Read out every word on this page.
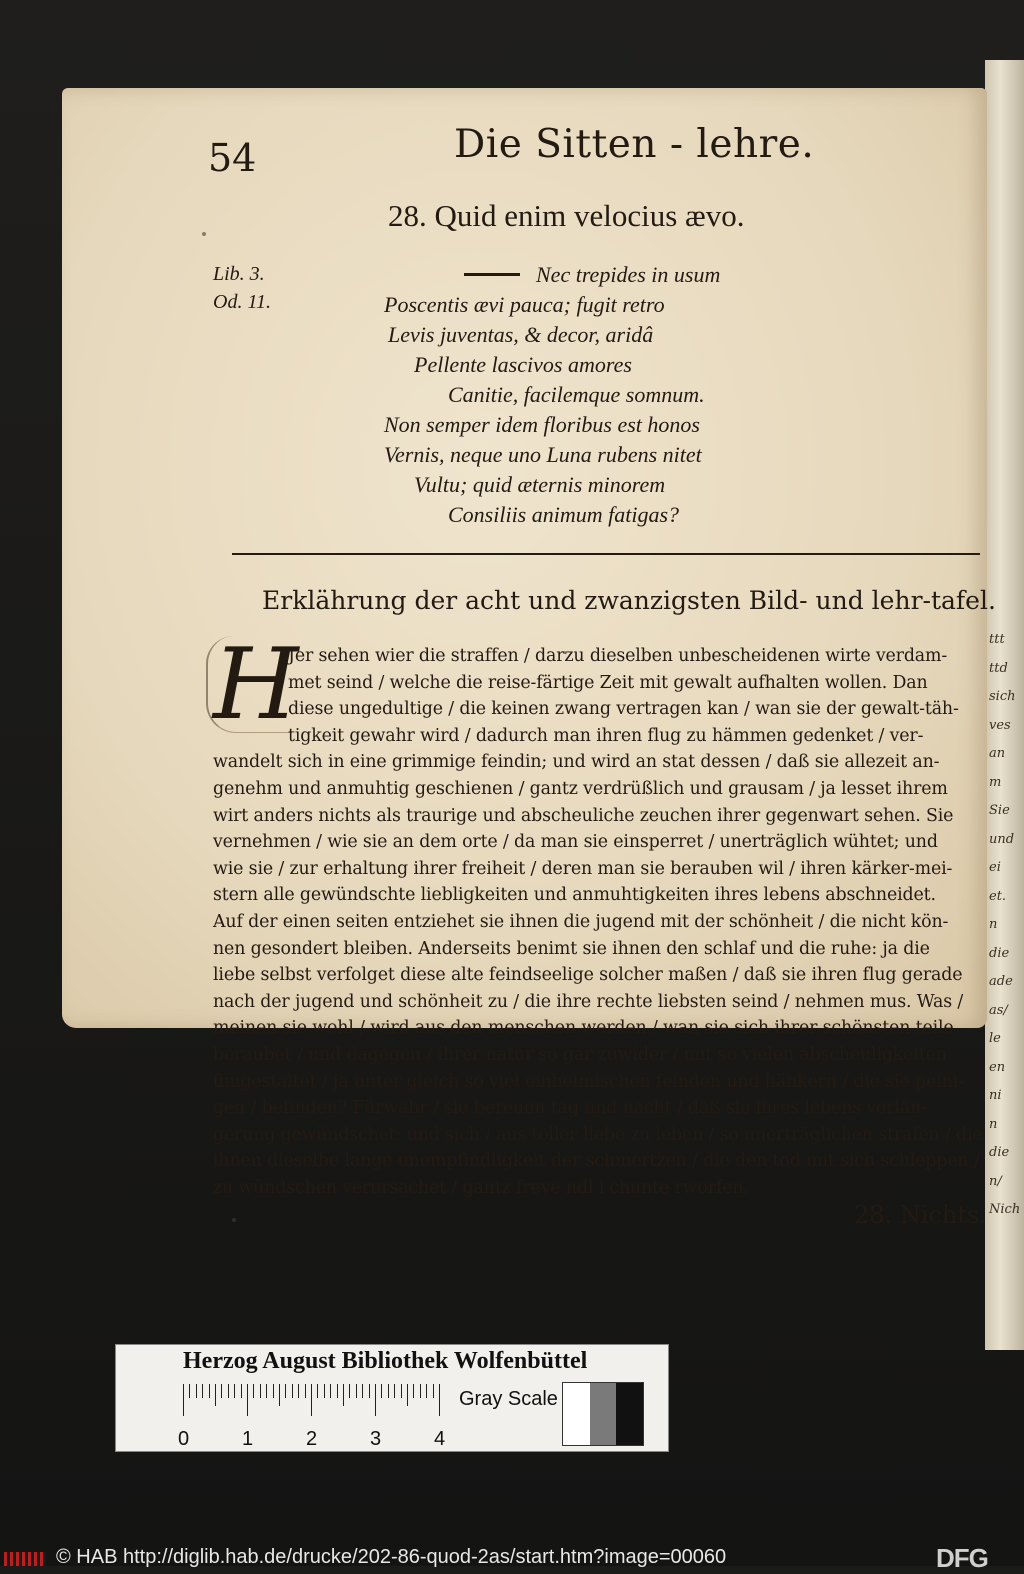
ttt
ttd
sich
ves
an
m
Sie
und
ei
et.
n
die
ade
as/
le
en
ni
n
die
n/
Nich
54	Die Sitten - lehre.
28. Quid enim velocius ævo.
Lib. 3.
Od. 11.
Nec trepides in usum
Poscentis ævi pauca; fugit retro
Levis juventas, & decor, aridâ
Pellente lascivos amores
Canitie, facilemque somnum.
Non semper idem floribus est honos
Vernis, neque uno Luna rubens nitet
Vultu; quid æternis minorem
Consiliis animum fatigas?
Erklährung der acht und zwanzigsten Bild- und lehr-tafel.
H
Jer sehen wier die straffen / darzu dieselben unbescheidenen wirte verdam-
met seind / welche die reise-färtige Zeit mit gewalt aufhalten wollen. Dan
diese ungedultige / die keinen zwang vertragen kan / wan sie der gewalt-täh-
tigkeit gewahr wird / dadurch man ihren flug zu hämmen gedenket / ver-
wandelt sich in eine grimmige feindin; und wird an stat dessen / daß sie allezeit an-
genehm und anmuhtig geschienen / gantz verdrüßlich und grausam / ja lesset ihrem
wirt anders nichts als traurige und abscheuliche zeuchen ihrer gegenwart sehen. Sie
vernehmen / wie sie an dem orte / da man sie einsperret / unerträglich wühtet; und
wie sie / zur erhaltung ihrer freiheit / deren man sie berauben wil / ihren kärker-mei-
stern alle gewündschte liebligkeiten und anmuhtigkeiten ihres lebens abschneidet.
Auf der einen seiten entziehet sie ihnen die jugend mit der schönheit / die nicht kön-
nen gesondert bleiben. Anderseits benimt sie ihnen den schlaf und die ruhe: ja die
liebe selbst verfolget diese alte feindseelige solcher maßen / daß sie ihren flug gerade
nach der jugend und schönheit zu / die ihre rechte liebsten seind / nehmen mus. Was /
meinen sie wohl / wird aus den menschen werden / wan sie sich ihrer schönsten teile
beraubet / und dagegen / ihrer natur so gar zuwider / mit so vielen abscheuligkeiten
ümgestaltet / ja unter gleich so viel einheimischen feinden und hänkern / die sie peini-
gen / befinden? Fürwahr / sie bereuen tag und nacht / daß sie ihres lebens verlän-
gerung gewündschet; und sich / aus toller liebe zu leben / so unerträglichen strafen / die
ihnen dieselbe lange unempfindligkeit der schmertzen / die den tod mit sich schleppen /
zu wündschen verursachet / gantz freve ndl i chunte rworfen.
28. Nichts.
Herzog August Bibliothek Wolfenbüttel
0	1	2	3	4
Gray Scale
© HAB http://diglib.hab.de/drucke/202-86-quod-2as/start.htm?image=00060	DFG
